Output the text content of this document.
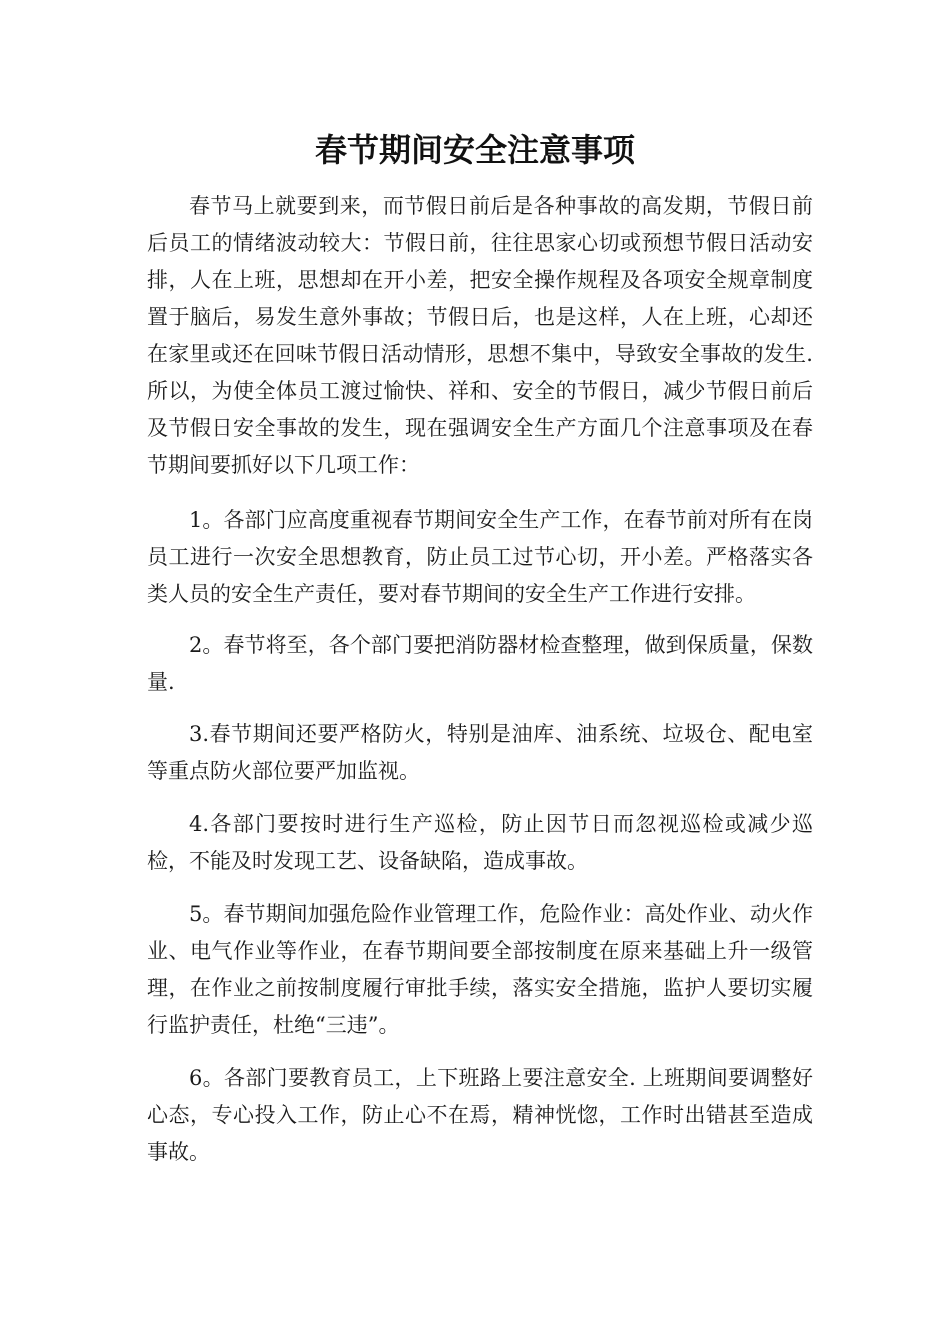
春节期间安全注意事项

春节马上就要到来，而节假日前后是各种事故的高发期，节假日前后员工的情绪波动较大：节假日前，往往思家心切或预想节假日活动安排，人在上班，思想却在开小差，把安全操作规程及各项安全规章制度置于脑后，易发生意外事故；节假日后，也是这样，人在上班，心却还在家里或还在回味节假日活动情形，思想不集中，导致安全事故的发生. 所以，为使全体员工渡过愉快、祥和、安全的节假日，减少节假日前后及节假日安全事故的发生，现在强调安全生产方面几个注意事项及在春节期间要抓好以下几项工作：

1。各部门应高度重视春节期间安全生产工作，在春节前对所有在岗员工进行一次安全思想教育，防止员工过节心切，开小差。严格落实各类人员的安全生产责任，要对春节期间的安全生产工作进行安排。

2。春节将至，各个部门要把消防器材检查整理，做到保质量，保数量.

3.春节期间还要严格防火，特别是油库、油系统、垃圾仓、配电室等重点防火部位要严加监视。

4.各部门要按时进行生产巡检，防止因节日而忽视巡检或减少巡检，不能及时发现工艺、设备缺陷，造成事故。

5。春节期间加强危险作业管理工作，危险作业：高处作业、动火作业、电气作业等作业，在春节期间要全部按制度在原来基础上升一级管理，在作业之前按制度履行审批手续，落实安全措施，监护人要切实履行监护责任，杜绝“三违”。

6。各部门要教育员工，上下班路上要注意安全. 上班期间要调整好心态，专心投入工作，防止心不在焉，精神恍惚，工作时出错甚至造成事故。
